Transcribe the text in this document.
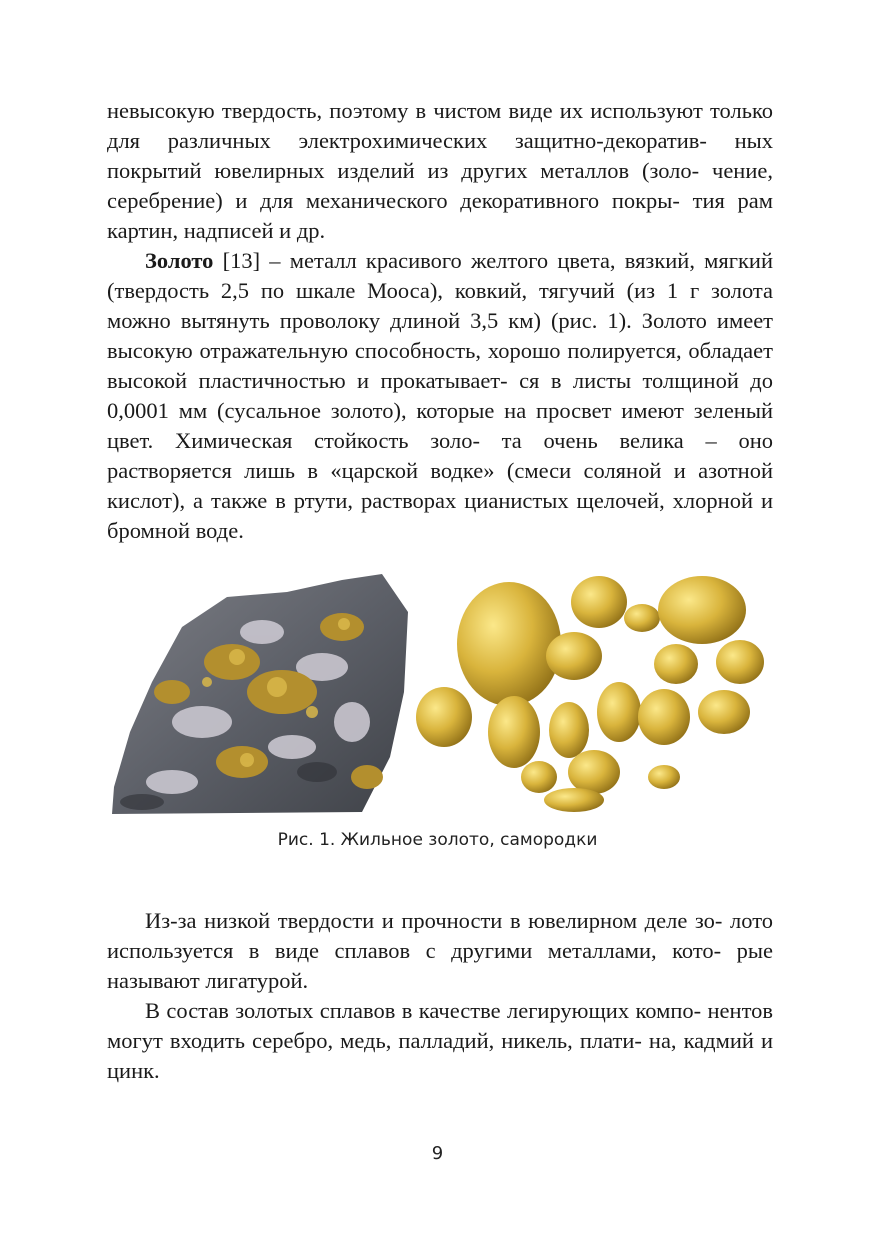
невысокую твердость, поэтому в чистом виде их используют только для различных электрохимических защитно-декоратив- ных покрытий ювелирных изделий из других металлов (золо- чение, серебрение) и для механического декоративного покры- тия рам картин, надписей и др.

Золото [13] – металл красивого желтого цвета, вязкий, мягкий (твердость 2,5 по шкале Мооса), ковкий, тягучий (из 1 г золота можно вытянуть проволоку длиной 3,5 км) (рис. 1). Золото имеет высокую отражательную способность, хорошо полируется, обладает высокой пластичностью и прокатывает- ся в листы толщиной до 0,0001 мм (сусальное золото), которые на просвет имеют зеленый цвет. Химическая стойкость золо- та очень велика – оно растворяется лишь в «царской водке» (смеси соляной и азотной кислот), а также в ртути, растворах цианистых щелочей, хлорной и бромной воде.

Рис. 1. Жильное золото, самородки

Из-за низкой твердости и прочности в ювелирном деле зо- лото используется в виде сплавов с другими металлами, кото- рые называют лигатурой.

В состав золотых сплавов в качестве легирующих компо- нентов могут входить серебро, медь, палладий, никель, плати- на, кадмий и цинк.

9
